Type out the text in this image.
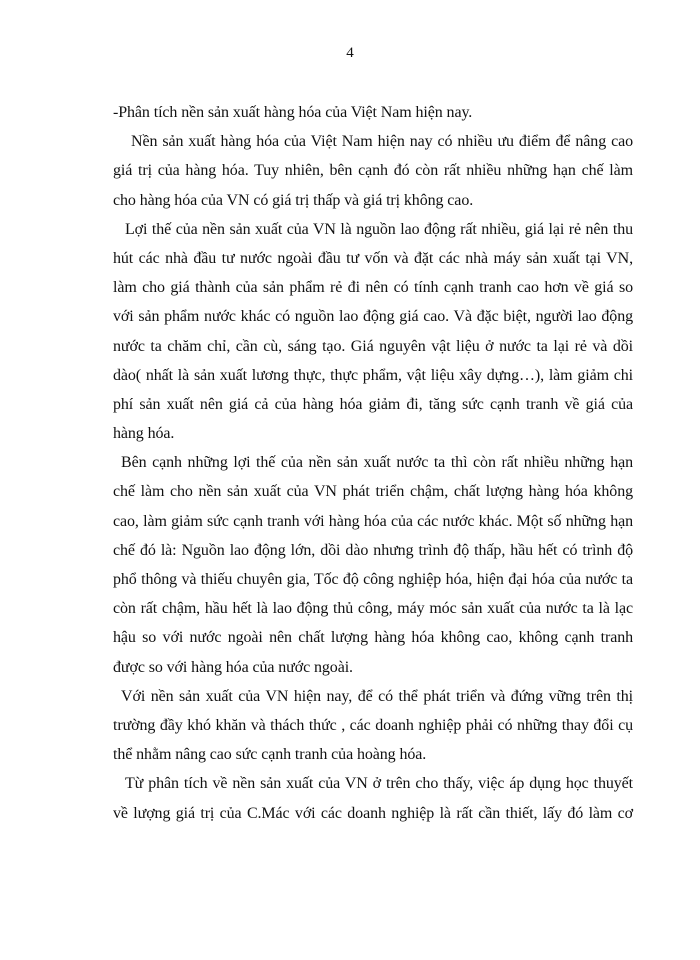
4
-Phân tích nền sản xuất hàng hóa của Việt Nam hiện nay.
Nền sản xuất hàng hóa của Việt Nam hiện nay có nhiều ưu điểm để nâng cao
giá trị của hàng hóa. Tuy nhiên, bên cạnh đó còn rất nhiều những hạn chế làm
cho hàng hóa của VN có giá trị thấp và giá trị không cao.
Lợi thế của nền sản xuất của VN là nguồn lao động rất nhiều, giá lại rẻ nên thu
hút các nhà đầu tư nước ngoài đầu tư vốn và đặt các nhà máy sản xuất tại VN,
làm cho giá thành của sản phẩm rẻ đi nên có tính cạnh tranh cao hơn về giá so
với sản phẩm nước khác có nguồn lao động giá cao. Và đặc biệt, người lao động
nước ta chăm chỉ, cần cù, sáng tạo. Giá nguyên vật liệu ở nước ta lại rẻ và dồi
dào( nhất là sản xuất lương thực, thực phẩm, vật liệu xây dựng…), làm giảm chi
phí sản xuất nên giá cả của hàng hóa giảm đi, tăng sức cạnh tranh về giá của
hàng hóa.
Bên cạnh những lợi thế của nền sản xuất nước ta thì còn rất nhiều những hạn
chế làm cho nền sản xuất của VN phát triển chậm, chất lượng hàng hóa không
cao, làm giảm sức cạnh tranh với hàng hóa của các nước khác. Một số những hạn
chế đó là: Nguồn lao động lớn, dồi dào nhưng trình độ thấp, hầu hết có trình độ
phổ thông và thiếu chuyên gia, Tốc độ công nghiệp hóa, hiện đại hóa của nước ta
còn rất chậm, hầu hết là lao động thủ công, máy móc sản xuất của nước ta là lạc
hậu so với nước ngoài nên chất lượng hàng hóa không cao, không cạnh tranh
được so với hàng hóa của nước ngoài.
Với nền sản xuất của VN hiện nay, để có thể phát triển và đứng vững trên thị
trường đầy khó khăn và thách thức , các doanh nghiệp phải có những thay đổi cụ
thể nhằm nâng cao sức cạnh tranh của hoàng hóa.
Từ phân tích về nền sản xuất của VN ở trên cho thấy, việc áp dụng học thuyết
về lượng giá trị của C.Mác với các doanh nghiệp là rất cần thiết, lấy đó làm cơ
